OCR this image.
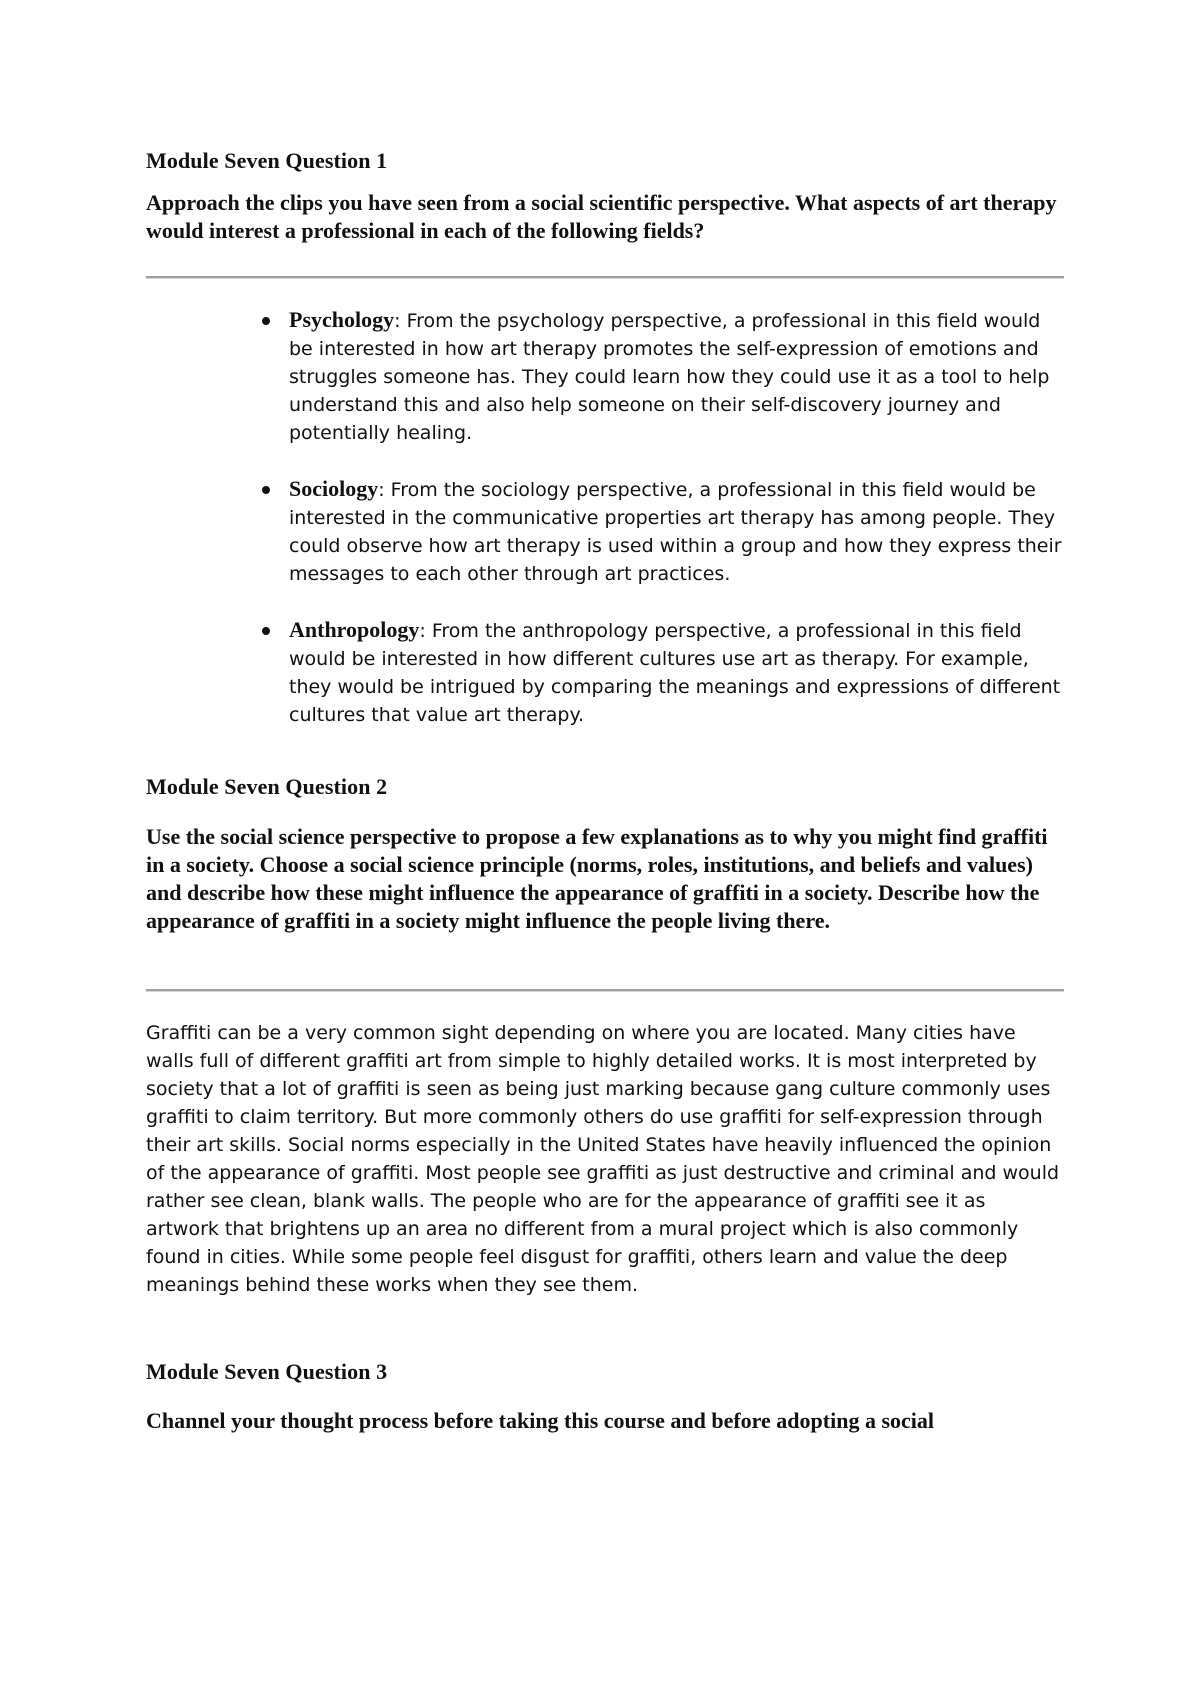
Module Seven Question 1

Approach the clips you have seen from a social scientific perspective. What aspects of art therapy would interest a professional in each of the following fields?

Psychology: From the psychology perspective, a professional in this field would be interested in how art therapy promotes the self-expression of emotions and struggles someone has. They could learn how they could use it as a tool to help understand this and also help someone on their self-discovery journey and potentially healing.
Sociology: From the sociology perspective, a professional in this field would be interested in the communicative properties art therapy has among people. They could observe how art therapy is used within a group and how they express their messages to each other through art practices.
Anthropology: From the anthropology perspective, a professional in this field would be interested in how different cultures use art as therapy. For example, they would be intrigued by comparing the meanings and expressions of different cultures that value art therapy.
Module Seven Question 2

Use the social science perspective to propose a few explanations as to why you might find graffiti in a society. Choose a social science principle (norms, roles, institutions, and beliefs and values) and describe how these might influence the appearance of graffiti in a society. Describe how the appearance of graffiti in a society might influence the people living there.

Graffiti can be a very common sight depending on where you are located. Many cities have walls full of different graffiti art from simple to highly detailed works. It is most interpreted by society that a lot of graffiti is seen as being just marking because gang culture commonly uses graffiti to claim territory. But more commonly others do use graffiti for self-expression through their art skills. Social norms especially in the United States have heavily influenced the opinion of the appearance of graffiti. Most people see graffiti as just destructive and criminal and would rather see clean, blank walls. The people who are for the appearance of graffiti see it as artwork that brightens up an area no different from a mural project which is also commonly found in cities. While some people feel disgust for graffiti, others learn and value the deep meanings behind these works when they see them.

Module Seven Question 3

Channel your thought process before taking this course and before adopting a social
